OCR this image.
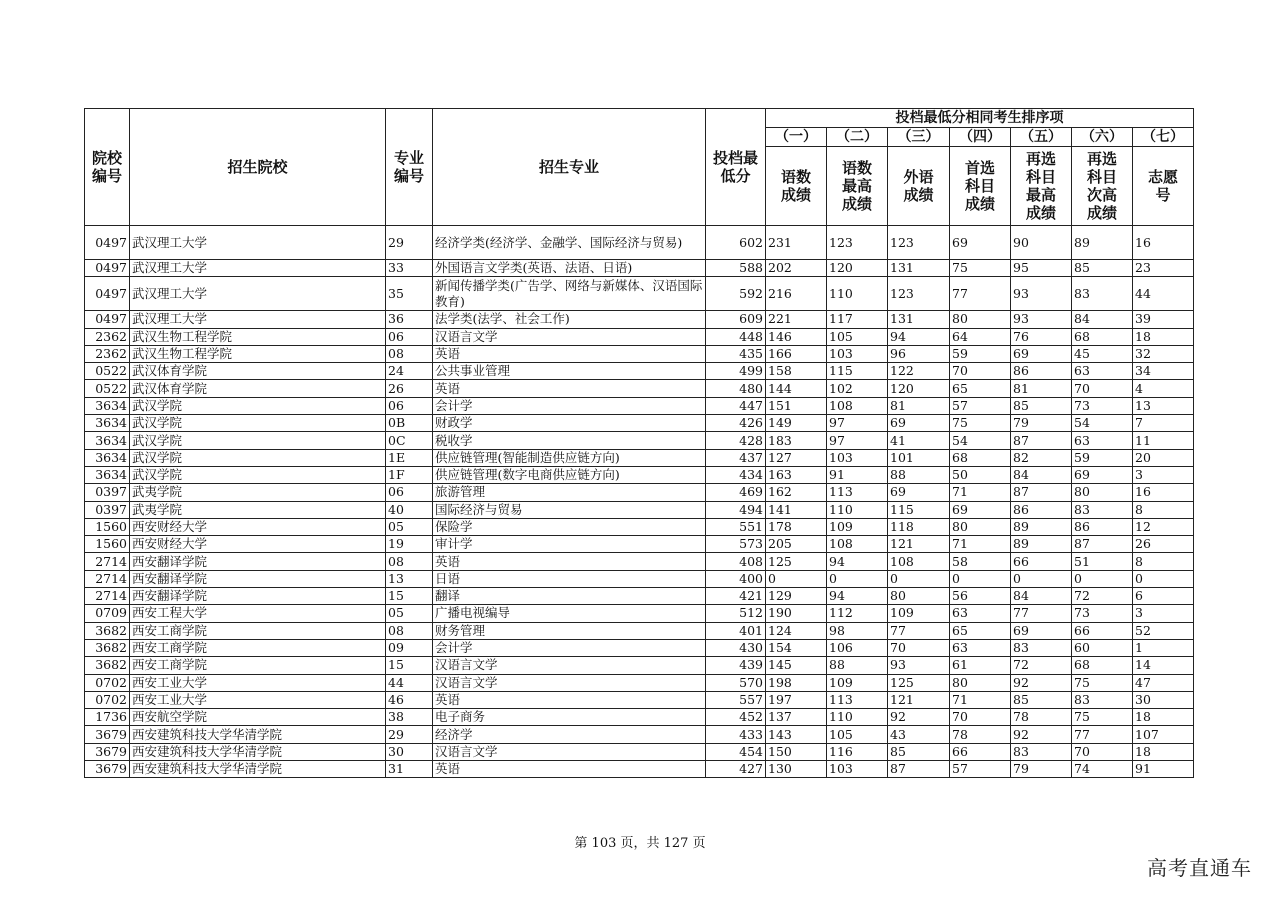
院校编号	招生院校	专业编号	招生专业	投档最低分	投档最低分相同考生排序项						
					（一）	（二）	（三）	（四）	（五）	（六）	（七）
					语数成绩	语数最高成绩	外语成绩	首选科目成绩	再选科目最高成绩	再选科目次高成绩	志愿号
0497	武汉理工大学	29	经济学类(经济学、金融学、国际经济与贸易)	602	231	123	123	69	90	89	16
0497	武汉理工大学	33	外国语言文学类(英语、法语、日语)	588	202	120	131	75	95	85	23
0497	武汉理工大学	35	新闻传播学类(广告学、网络与新媒体、汉语国际教育)	592	216	110	123	77	93	83	44
0497	武汉理工大学	36	法学类(法学、社会工作)	609	221	117	131	80	93	84	39
2362	武汉生物工程学院	06	汉语言文学	448	146	105	94	64	76	68	18
2362	武汉生物工程学院	08	英语	435	166	103	96	59	69	45	32
0522	武汉体育学院	24	公共事业管理	499	158	115	122	70	86	63	34
0522	武汉体育学院	26	英语	480	144	102	120	65	81	70	4
3634	武汉学院	06	会计学	447	151	108	81	57	85	73	13
3634	武汉学院	0B	财政学	426	149	97	69	75	79	54	7
3634	武汉学院	0C	税收学	428	183	97	41	54	87	63	11
3634	武汉学院	1E	供应链管理(智能制造供应链方向)	437	127	103	101	68	82	59	20
3634	武汉学院	1F	供应链管理(数字电商供应链方向)	434	163	91	88	50	84	69	3
0397	武夷学院	06	旅游管理	469	162	113	69	71	87	80	16
0397	武夷学院	40	国际经济与贸易	494	141	110	115	69	86	83	8
1560	西安财经大学	05	保险学	551	178	109	118	80	89	86	12
1560	西安财经大学	19	审计学	573	205	108	121	71	89	87	26
2714	西安翻译学院	08	英语	408	125	94	108	58	66	51	8
2714	西安翻译学院	13	日语	400	0	0	0	0	0	0	0
2714	西安翻译学院	15	翻译	421	129	94	80	56	84	72	6
0709	西安工程大学	05	广播电视编导	512	190	112	109	63	77	73	3
3682	西安工商学院	08	财务管理	401	124	98	77	65	69	66	52
3682	西安工商学院	09	会计学	430	154	106	70	63	83	60	1
3682	西安工商学院	15	汉语言文学	439	145	88	93	61	72	68	14
0702	西安工业大学	44	汉语言文学	570	198	109	125	80	92	75	47
0702	西安工业大学	46	英语	557	197	113	121	71	85	83	30
1736	西安航空学院	38	电子商务	452	137	110	92	70	78	75	18
3679	西安建筑科技大学华清学院	29	经济学	433	143	105	43	78	92	77	107
3679	西安建筑科技大学华清学院	30	汉语言文学	454	150	116	85	66	83	70	18
3679	西安建筑科技大学华清学院	31	英语	427	130	103	87	57	79	74	91
第 103 页，共 127 页
高考直通车
